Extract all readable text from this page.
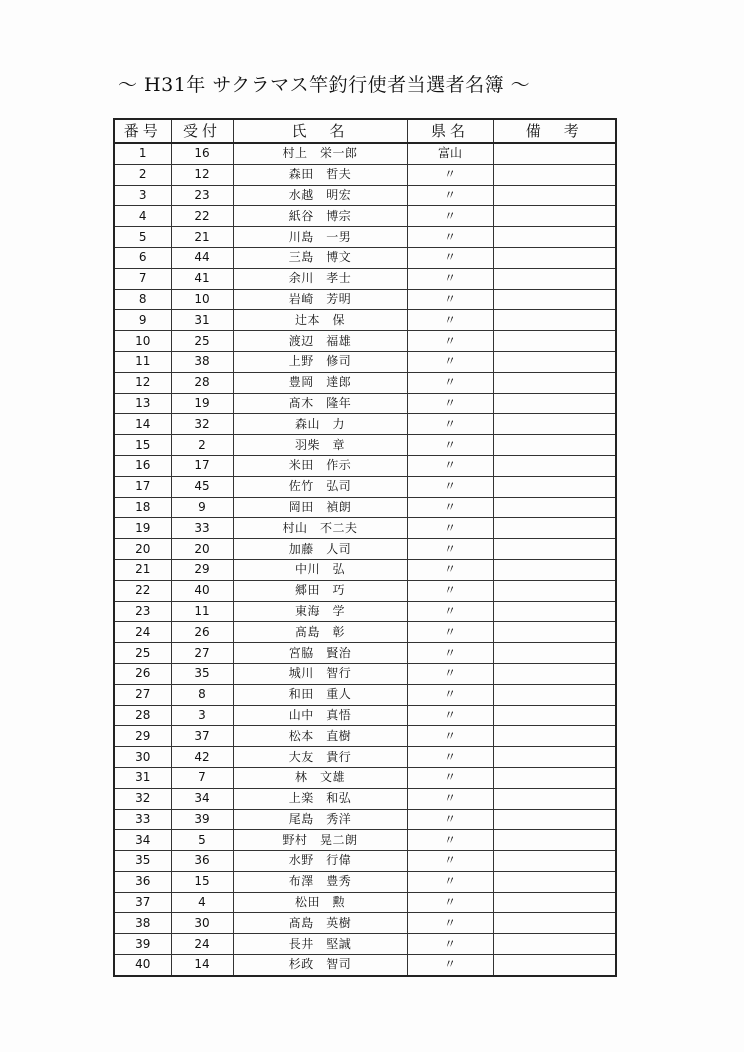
〜 H31年 サクラマス竿釣行使者当選者名簿 〜
番号	受付	氏　名	県名	備　考
1	16	村上　栄一郎	富山	
2	12	森田　哲夫	〃	
3	23	水越　明宏	〃	
4	22	紙谷　博宗	〃	
5	21	川島　一男	〃	
6	44	三島　博文	〃	
7	41	余川　孝士	〃	
8	10	岩崎　芳明	〃	
9	31	辻本　保	〃	
10	25	渡辺　福雄	〃	
11	38	上野　修司	〃	
12	28	豊岡　達郎	〃	
13	19	髙木　隆年	〃	
14	32	森山　力	〃	
15	2	羽柴　章	〃	
16	17	米田　作示	〃	
17	45	佐竹　弘司	〃	
18	9	岡田　禎朗	〃	
19	33	村山　不二夫	〃	
20	20	加藤　人司	〃	
21	29	中川　弘	〃	
22	40	郷田　巧	〃	
23	11	東海　学	〃	
24	26	髙島　彰	〃	
25	27	宮脇　賢治	〃	
26	35	城川　智行	〃	
27	8	和田　重人	〃	
28	3	山中　真悟	〃	
29	37	松本　直樹	〃	
30	42	大友　貴行	〃	
31	7	林　文雄	〃	
32	34	上楽　和弘	〃	
33	39	尾島　秀洋	〃	
34	5	野村　晃二朗	〃	
35	36	水野　行偉	〃	
36	15	布澤　豊秀	〃	
37	4	松田　勲	〃	
38	30	髙島　英樹	〃	
39	24	長井　堅誠	〃	
40	14	杉政　智司	〃	
